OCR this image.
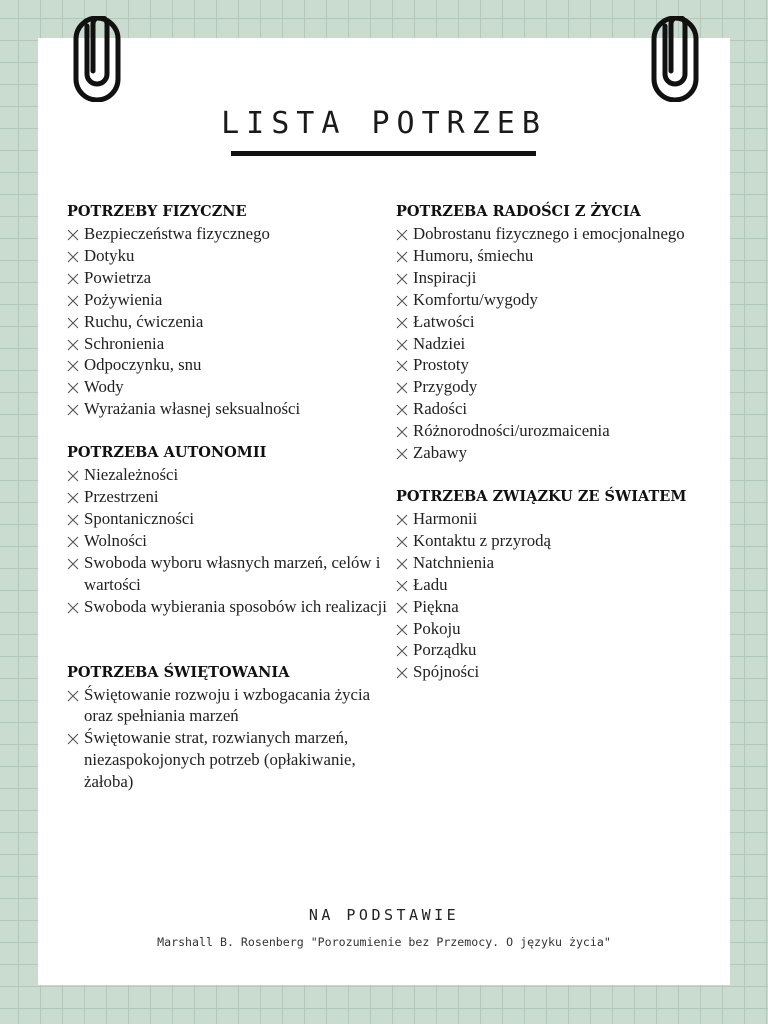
LISTA POTRZEB
POTRZEBY FIZYCZNE
Bezpieczeństwa fizycznego
Dotyku
Powietrza
Pożywienia
Ruchu, ćwiczenia
Schronienia
Odpoczynku, snu
Wody
Wyrażania własnej seksualności
POTRZEBA AUTONOMII
Niezależności
Przestrzeni
Spontaniczności
Wolności
Swoboda wyboru własnych marzeń, celów i wartości
Swoboda wybierania sposobów ich realizacji
POTRZEBA ŚWIĘTOWANIA
Świętowanie rozwoju i wzbogacania życia oraz spełniania marzeń
Świętowanie strat, rozwianych marzeń, niezaspokojonych potrzeb (opłakiwanie, żałoba)
POTRZEBA RADOŚCI Z ŻYCIA
Dobrostanu fizycznego i emocjonalnego
Humoru, śmiechu
Inspiracji
Komfortu/wygody
Łatwości
Nadziei
Prostoty
Przygody
Radości
Różnorodności/urozmaicenia
Zabawy
POTRZEBA ZWIĄZKU ZE ŚWIATEM
Harmonii
Kontaktu z przyrodą
Natchnienia
Ładu
Piękna
Pokoju
Porządku
Spójności
NA PODSTAWIE
Marshall B. Rosenberg "Porozumienie bez Przemocy. O języku życia"
